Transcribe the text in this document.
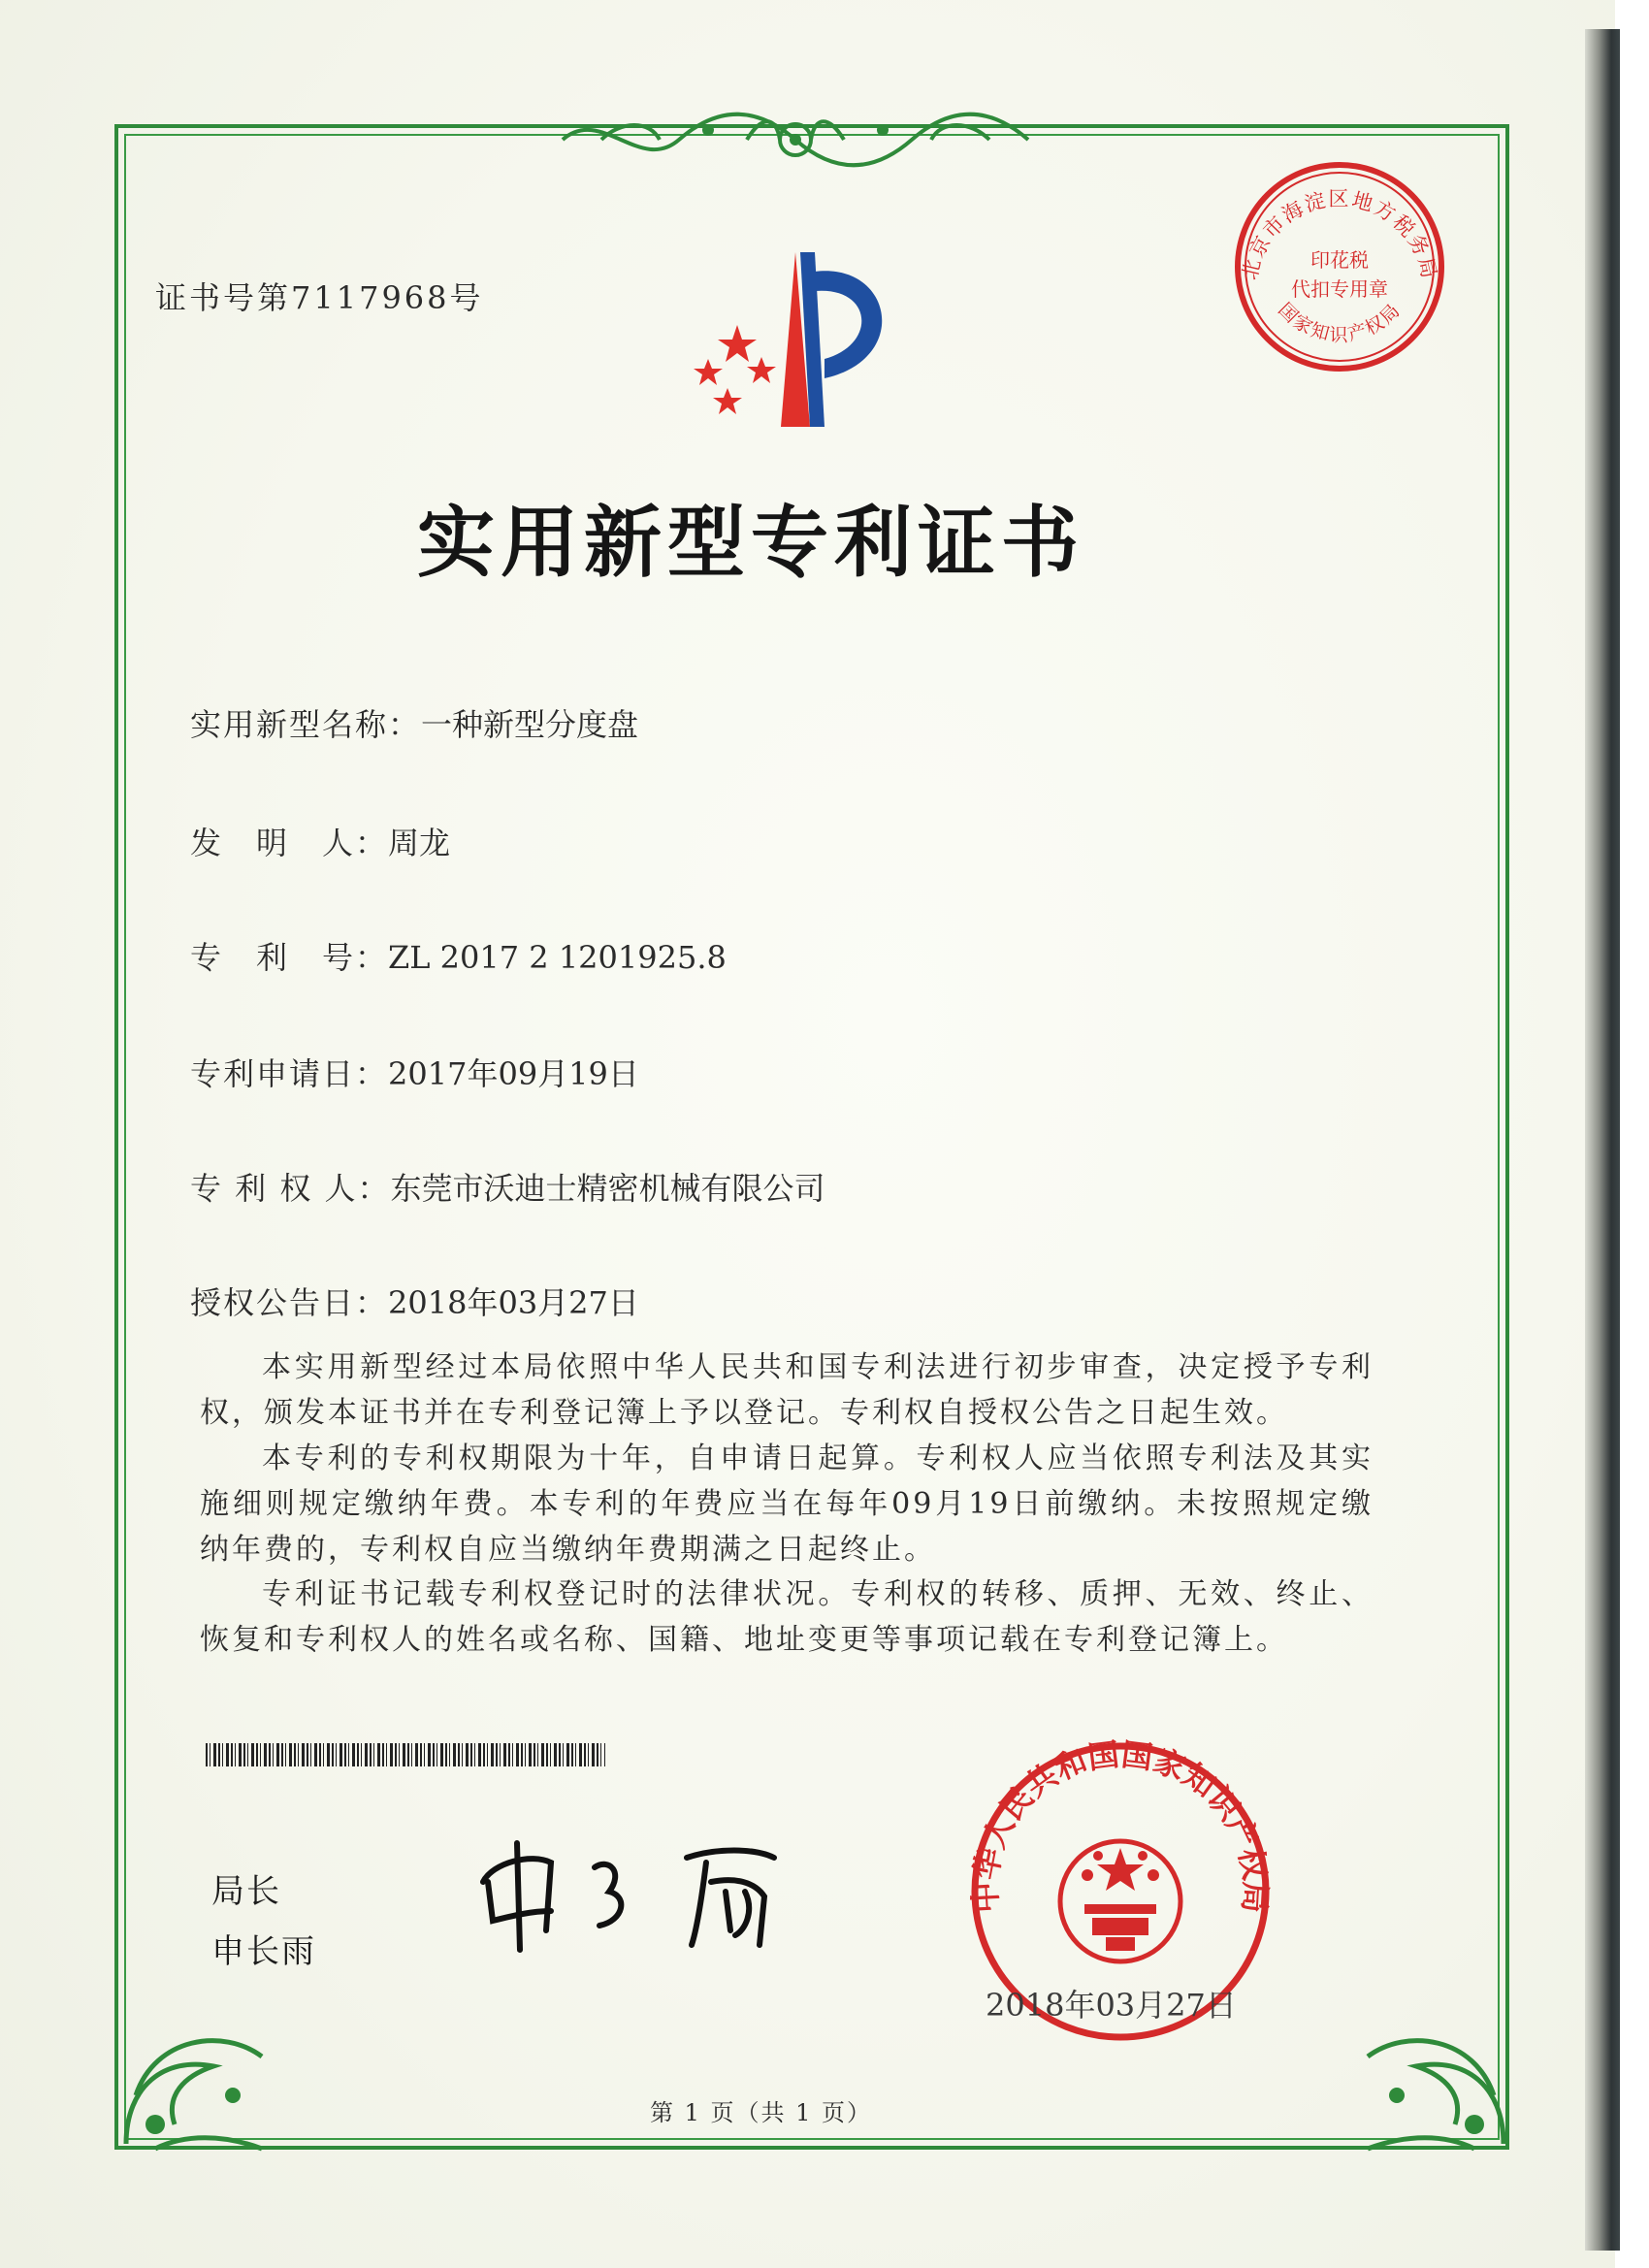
证书号第7117968号
北京市海淀区地方税务局
印花税
代扣专用章
国家知识产权局
实用新型专利证书
实用新型名称：一种新型分度盘
发　明　人：周龙
专　利　号：ZL 2017 2 1201925.8
专利申请日：2017年09月19日
专 利 权 人：东莞市沃迪士精密机械有限公司
授权公告日：2018年03月27日
本实用新型经过本局依照中华人民共和国专利法进行初步审查，决定授予专利权，颁发本证书并在专利登记簿上予以登记。专利权自授权公告之日起生效。
本专利的专利权期限为十年，自申请日起算。专利权人应当依照专利法及其实施细则规定缴纳年费。本专利的年费应当在每年09月19日前缴纳。未按照规定缴纳年费的，专利权自应当缴纳年费期满之日起终止。
专利证书记载专利权登记时的法律状况。专利权的转移、质押、无效、终止、恢复和专利权人的姓名或名称、国籍、地址变更等事项记载在专利登记簿上。
局长
申长雨
中华人民共和国国家知识产权局
2018年03月27日
第 1 页（共 1 页）
